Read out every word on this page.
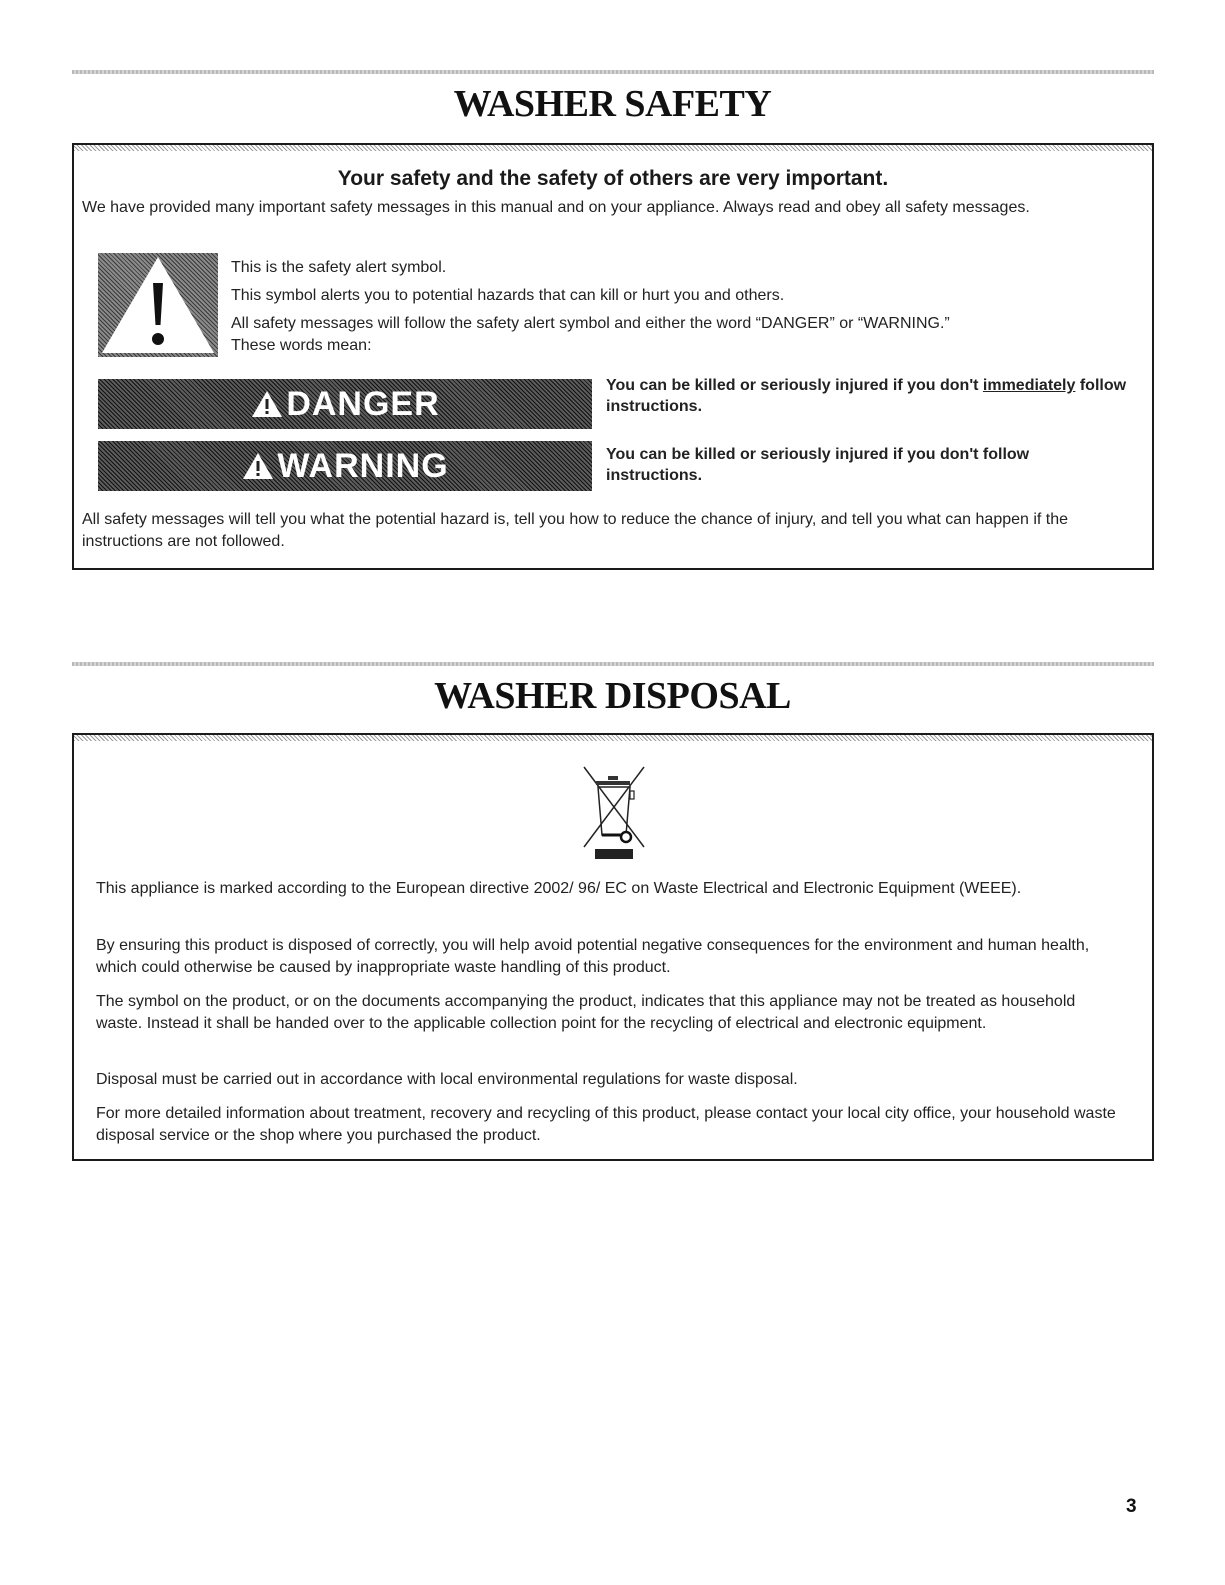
WASHER SAFETY
Your safety and the safety of others are very important.

We have provided many important safety messages in this manual and on your appliance. Always read and obey all safety messages.

This is the safety alert symbol.

This symbol alerts you to potential hazards that can kill or hurt you and others.

All safety messages will follow the safety alert symbol and either the word “DANGER” or “WARNING.”

These words mean:

DANGER	You can be killed or seriously injured if you don't immediately follow instructions.

WARNING	You can be killed or seriously injured if you don't follow instructions.

All safety messages will tell you what the potential hazard is, tell you how to reduce the chance of injury, and tell you what can happen if the instructions are not followed.

WASHER DISPOSAL

This appliance is marked according to the European directive 2002/ 96/ EC on Waste Electrical and Electronic Equipment (WEEE).

By ensuring this product is disposed of correctly, you will help avoid potential negative consequences for the environment and human health, which could otherwise be caused by inappropriate waste handling of this product.

The symbol on the product, or on the documents accompanying the product, indicates that this appliance may not be treated as household waste. Instead it shall be handed over to the applicable collection point for the recycling of electrical and electronic equipment.

Disposal must be carried out in accordance with local environmental regulations for waste disposal.

For more detailed information about treatment, recovery and recycling of this product, please contact your local city office, your household waste disposal service or the shop where you purchased the product.

3
